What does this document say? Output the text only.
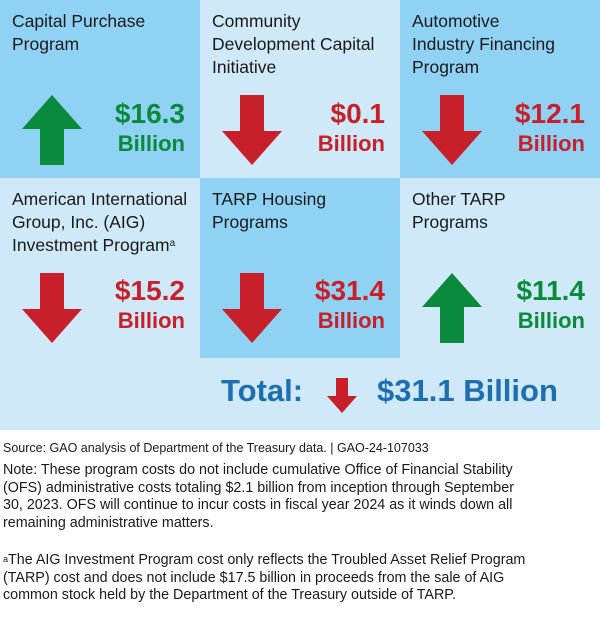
Capital Purchase
Program
$16.3
Billion
Community
Development Capital
Initiative
$0.1
Billion
Automotive
Industry Financing
Program
$12.1
Billion
American International
Group, Inc. (AIG)
Investment Program$^a$
$15.2
Billion
TARP Housing
Programs
$31.4
Billion
Other TARP
Programs
$11.4
Billion
Total: $31.1 Billion
Source: GAO analysis of Department of the Treasury data. | GAO-24-107033

Note: These program costs do not include cumulative Office of Financial Stability
(OFS) administrative costs totaling $2.1 billion from inception through September
30, 2023. OFS will continue to incur costs in fiscal year 2024 as it winds down all
remaining administrative matters.

$^a$The AIG Investment Program cost only reflects the Troubled Asset Relief Program
(TARP) cost and does not include $17.5 billion in proceeds from the sale of AIG
common stock held by the Department of the Treasury outside of TARP.
